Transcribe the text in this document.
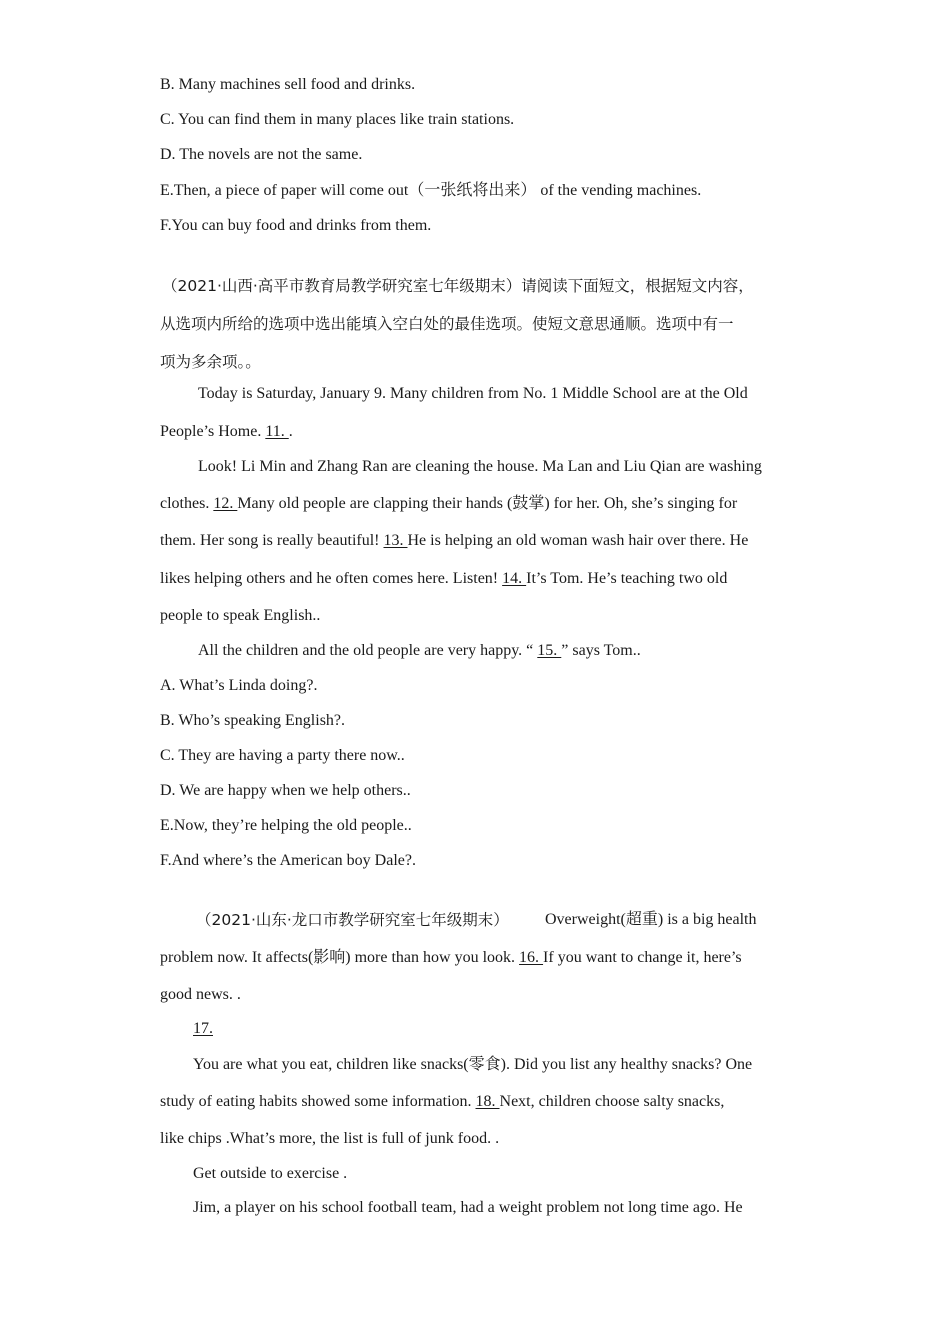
B. Many machines sell food and drinks.
C. You can find them in many places like train stations.
D. The novels are not the same.
E.Then, a piece of paper will come out（一张纸将出来） of the vending machines.
F.You can buy food and drinks from them.
（2021·山西·高平市教育局教学研究室七年级期末）请阅读下面短文，根据短文内容，
从选项内所给的选项中选出能填入空白处的最佳选项。使短文意思通顺。选项中有一
项为多余项。。
Today is Saturday, January 9. Many children from No. 1 Middle School are at the Old
People’s Home. 11. .
Look! Li Min and Zhang Ran are cleaning the house. Ma Lan and Liu Qian are washing
clothes. 12. Many old people are clapping their hands (鼓掌) for her. Oh, she’s singing for
them. Her song is really beautiful! 13. He is helping an old woman wash hair over there. He
likes helping others and he often comes here. Listen! 14. It’s Tom. He’s teaching two old
people to speak English..
All the children and the old people are very happy. “ 15. ” says Tom..
A. What’s Linda doing?.
B. Who’s speaking English?.
C. They are having a party there now..
D. We are happy when we help others..
E.Now, they’re helping the old people..
F.And where’s the American boy Dale?.
（2021·山东·龙口市教学研究室七年级期末） Overweight(超重) is a big health
problem now. It affects(影响) more than how you look. 16. If you want to change it, here’s
good news. .
17.
You are what you eat, children like snacks(零食). Did you list any healthy snacks? One
study of eating habits showed some information. 18. Next, children choose salty snacks,
like chips .What’s more, the list is full of junk food. .
Get outside to exercise .
Jim, a player on his school football team, had a weight problem not long time ago. He
